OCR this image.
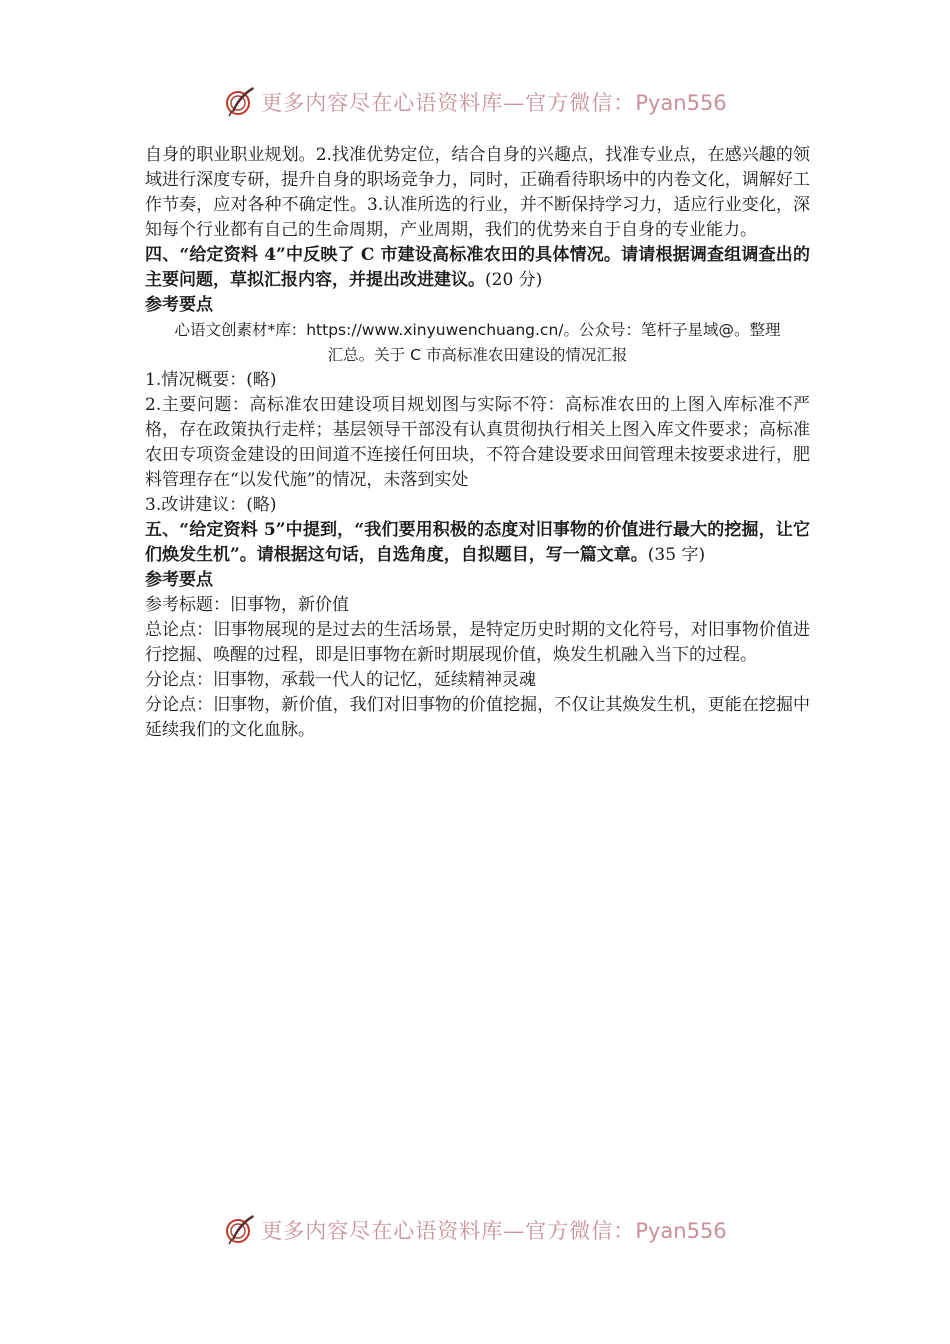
更多内容尽在心语资料库—官方微信：Pyan556

自身的职业职业规划。2.找准优势定位，结合自身的兴趣点，找准专业点，在感兴趣的领域进行深度专研，提升自身的职场竞争力，同时，正确看待职场中的内卷文化，调解好工作节奏，应对各种不确定性。3.认准所选的行业，并不断保持学习力，适应行业变化，深知每个行业都有自己的生命周期，产业周期，我们的优势来自于自身的专业能力。

四、“给定资料 4”中反映了 C 市建设高标准农田的具体情况。请请根据调查组调查出的主要问题，草拟汇报内容，并提出改进建议。(20 分)

参考要点

心语文创素材*库：https://www.xinyuwenchuang.cn/。公众号：笔杆子星域@。整理

汇总。关于 C 市高标准农田建设的情况汇报

1.情况概要：(略)

2.主要问题：高标准农田建设项目规划图与实际不符：高标准农田的上图入库标准不严格，存在政策执行走样；基层领导干部没有认真贯彻执行相关上图入库文件要求；高标准农田专项资金建设的田间道不连接任何田块，不符合建设要求田间管理未按要求进行，肥料管理存在“以发代施”的情况，未落到实处

3.改讲建议：(略)

五、“给定资料 5”中提到，“我们要用积极的态度对旧事物的价值进行最大的挖掘，让它们焕发生机”。请根据这句话，自选角度，自拟题目，写一篇文章。(35 字)

参考要点

参考标题：旧事物，新价值

总论点：旧事物展现的是过去的生活场景，是特定历史时期的文化符号，对旧事物价值进行挖掘、唤醒的过程，即是旧事物在新时期展现价值，焕发生机融入当下的过程。

分论点：旧事物，承载一代人的记忆，延续精神灵魂

分论点：旧事物，新价值，我们对旧事物的价值挖掘，不仅让其焕发生机，更能在挖掘中延续我们的文化血脉。

更多内容尽在心语资料库—官方微信：Pyan556
